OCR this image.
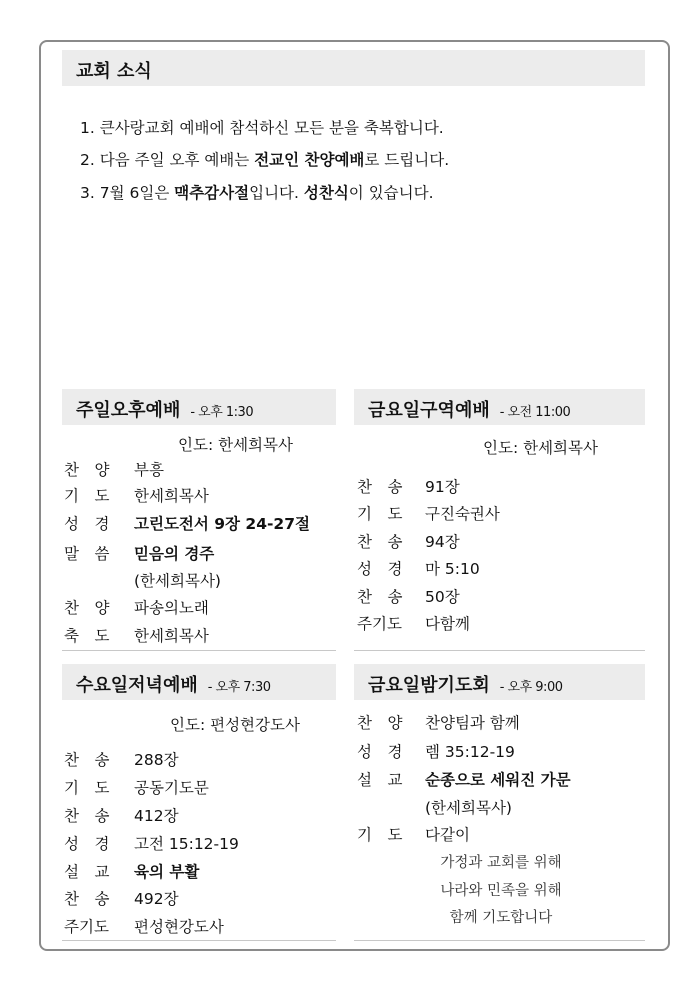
교회 소식
1. 큰사랑교회 예배에 참석하신 모든 분을 축복합니다.
2. 다음 주일 오후 예배는 전교인 찬양예배로 드립니다.
3. 7월 6일은 맥추감사절입니다. 성찬식이 있습니다.
주일오후예배 - 오후 1:30
인도: 한세희목사
찬 양 부흥
기 도 한세희목사
성 경 고린도전서 9장 24-27절
말 씀 믿음의 경주
(한세희목사)
찬 양 파송의노래
축 도 한세희목사
수요일저녁예배 - 오후 7:30
인도: 편성현강도사
찬 송 288장
기 도 공동기도문
찬 송 412장
성 경 고전 15:12-19
설 교 육의 부활
찬 송 492장
주기도 편성현강도사
금요일구역예배 - 오전 11:00
인도: 한세희목사
찬 송 91장
기 도 구진숙권사
찬 송 94장
성 경 마 5:10
찬 송 50장
주기도 다함께
금요일밤기도회 - 오후 9:00
찬 양 찬양팀과 함께
성 경 렘 35:12-19
설 교 순종으로 세워진 가문
(한세희목사)
기 도 다같이
가정과 교회를 위해
나라와 민족을 위해
함께 기도합니다
